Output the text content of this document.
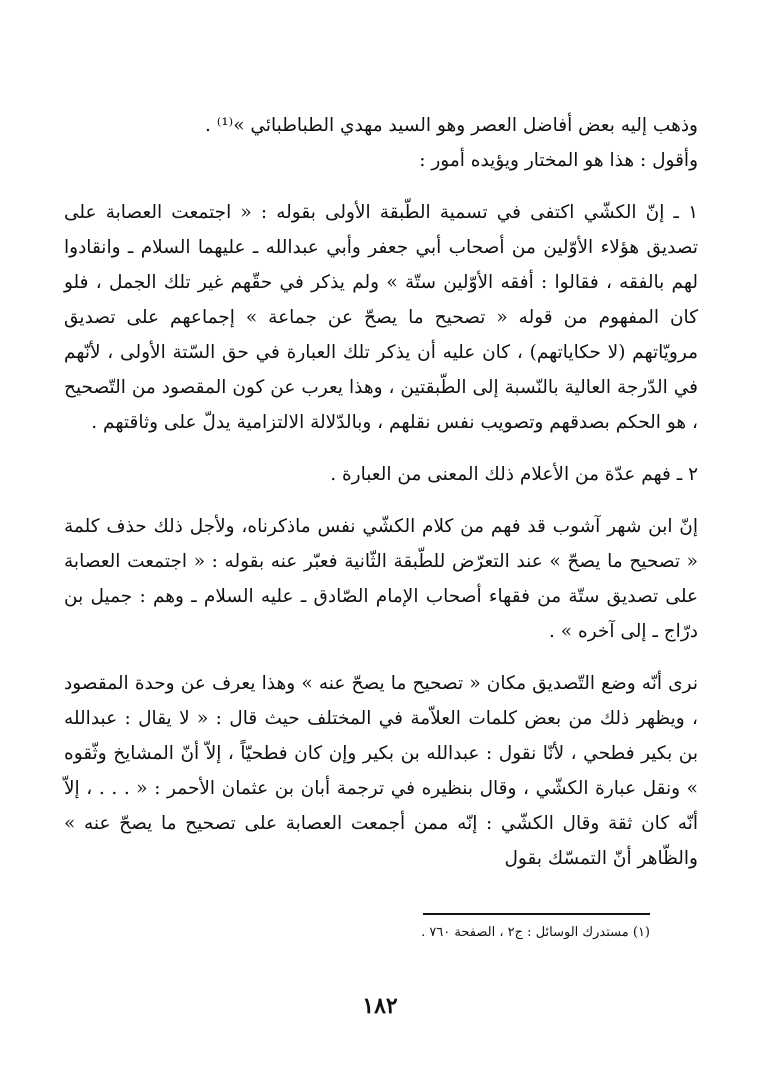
وذهب إليه بعض أفاضل العصر وهو السيد مهدي الطباطبائي »⁽¹⁾ .

وأقول : هذا هو المختار ويؤيده أمور :

١ ـ إنّ الكشّي اكتفى في تسمية الطّبقة الأولى بقوله : « اجتمعت العصابة على تصديق هؤلاء الأوّلين من أصحاب أبي جعفر وأبي عبدالله ـ عليهما السلام ـ وانقادوا لهم بالفقه ، فقالوا : أفقه الأوّلين ستّة » ولم يذكر في حقّهم غير تلك الجمل ، فلو كان المفهوم من قوله « تصحيح ما يصحّ عن جماعة » إجماعهم على تصديق مرويّاتهم (لا حكاياتهم) ، كان عليه أن يذكر تلك العبارة في حق السّتة الأولى ، لأنّهم في الدّرجة العالية بالنّسبة إلى الطّبقتين ، وهذا يعرب عن كون المقصود من التّصحيح ، هو الحكم بصدقهم وتصويب نفس نقلهم ، وبالدّلالة الالتزامية يدلّ على وثاقتهم .

٢ ـ فهم عدّة من الأعلام ذلك المعنى من العبارة .

إنّ ابن شهر آشوب قد فهم من كلام الكشّي نفس ماذكرناه، ولأجل ذلك حذف كلمة « تصحيح ما يصحّ » عند التعرّض للطّبقة الثّانية فعبّر عنه بقوله : « اجتمعت العصابة على تصديق ستّة من فقهاء أصحاب الإمام الصّادق ـ عليه السلام ـ وهم : جميل بن درّاج ـ إلى آخره » .

نرى أنّه وضع التّصديق مكان « تصحيح ما يصحّ عنه » وهذا يعرف عن وحدة المقصود ، ويظهر ذلك من بعض كلمات العلاّمة في المختلف حيث قال : « لا يقال : عبدالله بن بكير فطحي ، لأنّا نقول : عبدالله بن بكير وإن كان فطحيّاً ، إلاّ أنّ المشايخ وثّقوه » ونقل عبارة الكشّي ، وقال بنظيره في ترجمة أبان بن عثمان الأحمر : « . . . ، إلاّ أنّه كان ثقة وقال الكشّي : إنّه ممن أجمعت العصابة على تصحيح ما يصحّ عنه » والظّاهر أنّ التمسّك بقول

(١) مستدرك الوسائل : ج٢ ، الصفحة ٧٦٠ .
١٨٢
